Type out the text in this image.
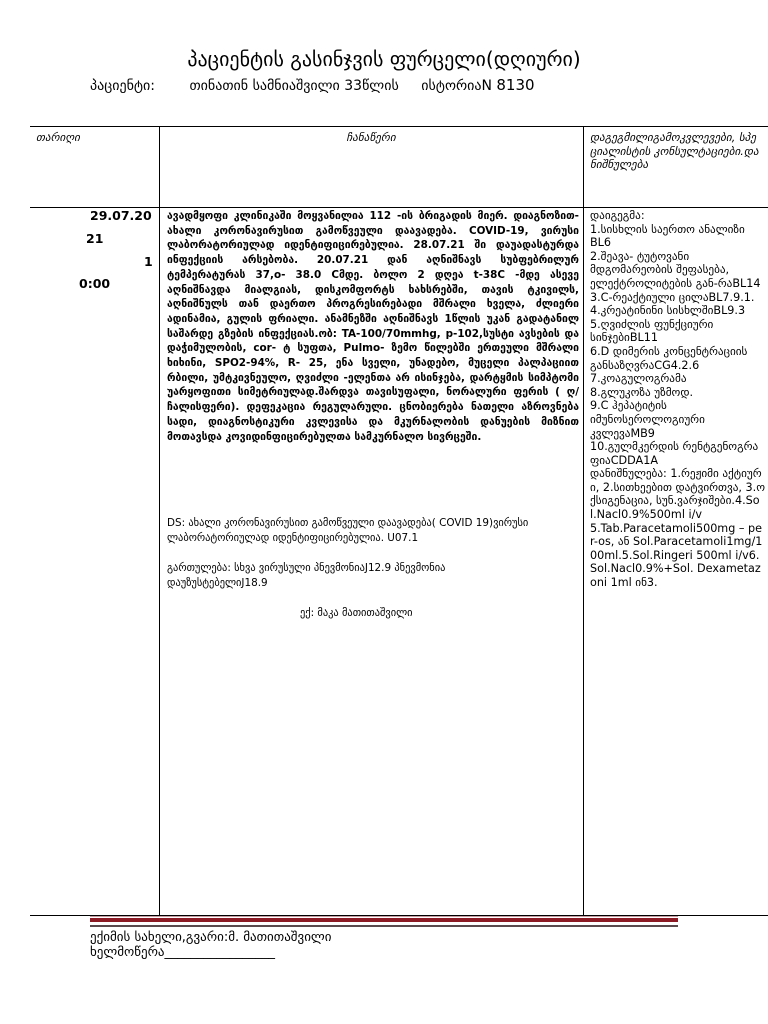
პაციენტის გასინჯვის ფურცელი(დღიური)
პაციენტი: თინათინ სამნიაშვილი 33წლის ისტორიაN 8130
თარიღი	ჩანაწერი	დაგეგმილიგამოკვლევები, სპეციალისტის კონსულტაციები.დანიშნულება
29.07.20
21
1
0:00
ავადმყოფი კლინიკაში მოყვანილია 112 -ის ბრიგადის მიერ. დიაგნოზით-ახალი კორონავირუსით გამოწვეული დაავადება. COVID-19, ვირუსი ლაბორატორიულად იდენტიფიცირებულია. 28.07.21 ში დაუადასტურდა ინფექციის არსებობა. 20.07.21 დან აღნიშნავს სუბფებრილურ ტემპერატურას 37,о- 38.0 Cმდე. ბოლო 2 დღეა t-38C -მდე ასევე აღნიშნავდა მიალგიას, დისკომფორტს ხახსრებში, თავის ტკივილს, აღნიშნულს თან დაერთო პროგრესირებადი მშრალი ხველა, ძლიერი ადინამია, გულის ფრიალი. ანამნეზში აღნიშნავს 1წლის უკან გადატანილ საშარდე გზების ინფექციას.ობ: TA-100/70mmhg, p-102,სუსტი ავსების და დაჭიმულობის, cor- ტ სუფთა, Pulmo- ზემო წილებში ერთეული მშრალი ხიხინი, SPO2-94%, R- 25, ენა სველი, უნადებო, მუცელი პალპაციით რბილი, უმტკივნეულო, ღვიძლი -ელენთა არ ისინჯება, დარტყმის სიმპტომი უარყოფითი სიმეტრიულად.შარდვა თავისუფალი, ნორალური ფერის ( ღ/ჩალისფერი). დეფეკაცია რეგულარული. ცნობიერება ნათელი აზროვნება სადი, დიაგნოსტიკური კვლევისა და მკურნალობის დანუების მიზნით მოთავსდა კოვიდინფიცირებულთა სამკურნალო სივრცეში.
DS: ახალი კორონავირუსით გამოწვეული დაავადება( COVID 19)ვირუსი ლაბორატორიულად იდენტიფიცირებულია. U07.1
გართულება: სხვა ვირუსული პნევმონიაJ12.9 პნევმონია დაუზუსტებელიJ18.9
ექ: მაკა მათითაშვილი
დაიგეგმა:
1.სისხლის საერთო ანალიზი BL6
2.შეავა- ტუტოვანი მდგომარეობის შეფასება, ელექტროლიტების გან-რაBL14
3.C-რეაქტიული ცილაBL7.9.1.
4.კრეატინინი სისხლშიBL9.3
5.ღვიძლის ფუნქციური სინჯებიBL11
6.D დიმერის კონცენტრაციის განსაზღვრაCG4.2.6
7.კოაგულოგრამა
8.გლუკოზა უზმოდ.
9.C ჰეპატიტის იმუნოსეროლოგიური კვლევაMB9
10.გულმკერდის რენტგენოგრაფიაCDDA1A
დანიშნულება: 1.რეჟიმი აქტიური, 2.სითხეებით დატვირთვა, 3.ოქსიგენაცია, სუნ.ვარჯიშები.4.Sol.Nacl0.9%500ml i/v
5.Tab.Paracetamoli500mg – per-os, ან Sol.Paracetamoli1mg/100ml.5.Sol.Ringeri 500ml i/v6.Sol.Nacl0.9%+Sol. Dexametazoni 1ml ინ3.
ექიმის სახელი,გვარი:მ. მათითაშვილი
ხელმოწერა_________________
